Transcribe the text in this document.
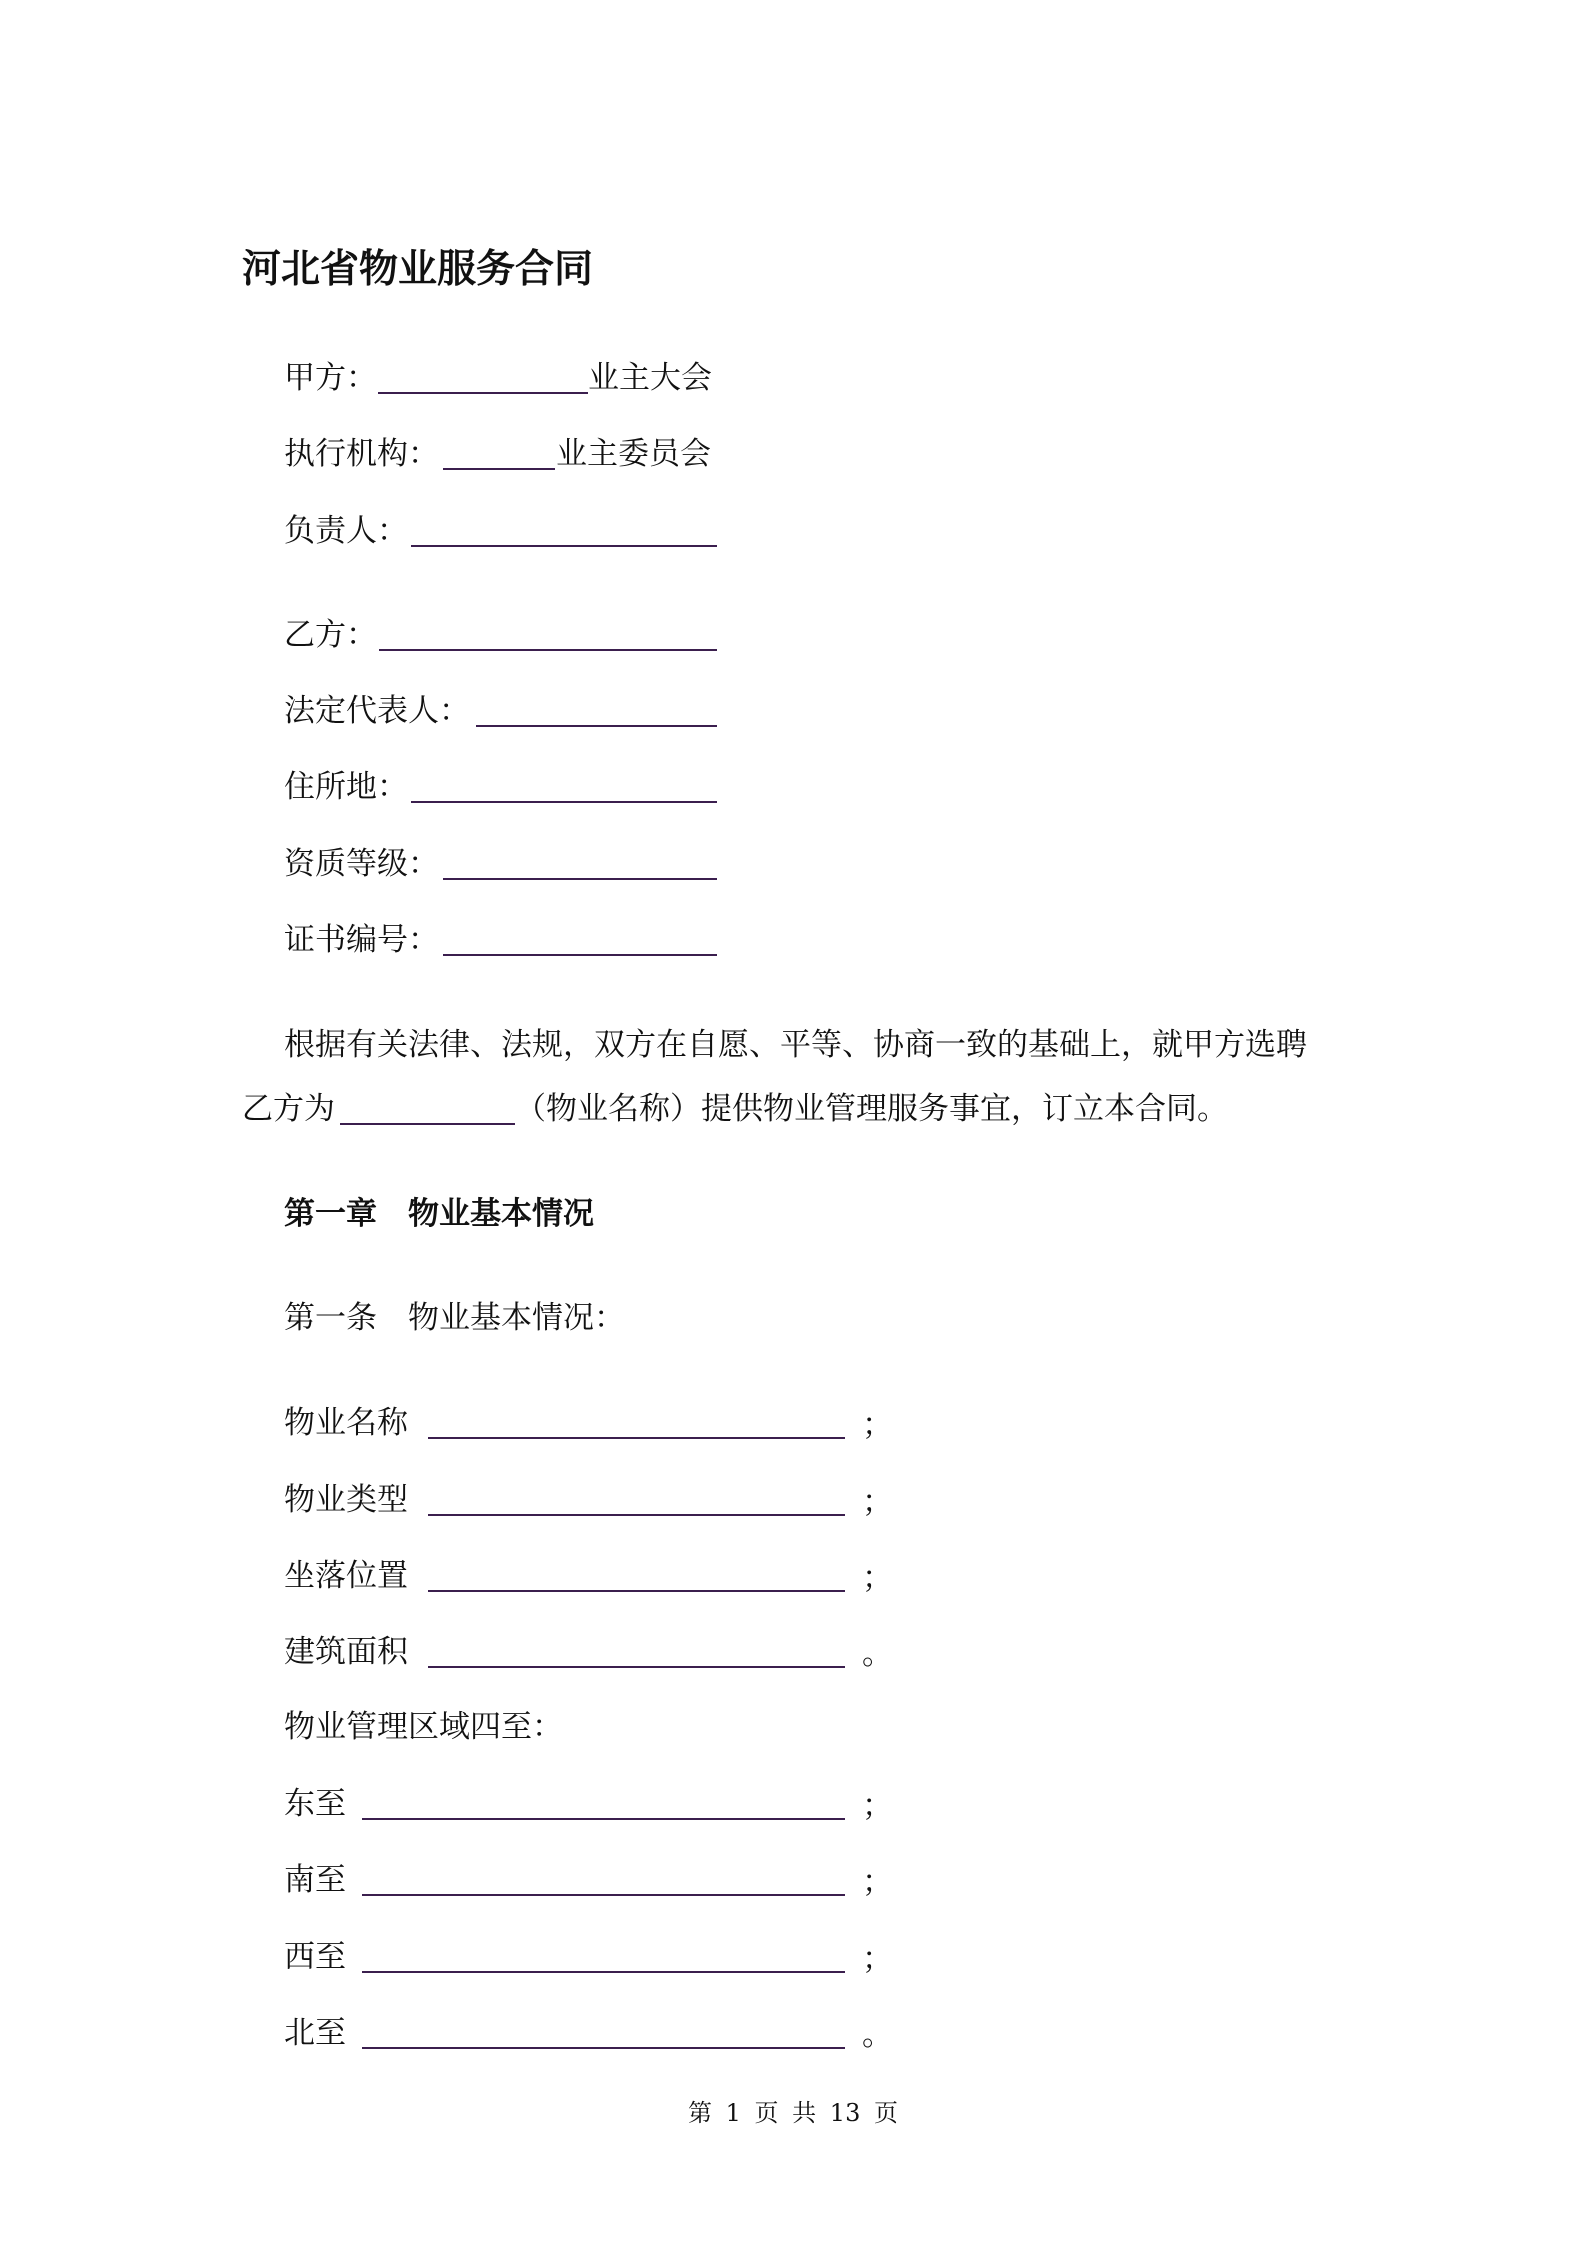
河北省物业服务合同
甲方：	业主大会
执行机构：	业主委员会
负责人：
乙方：
法定代表人：
住所地：
资质等级：
证书编号：
根据有关法律、法规，双方在自愿、平等、协商一致的基础上，就甲方选聘
乙方为	（物业名称）提供物业管理服务事宜，订立本合同。
第一章　物业基本情况
第一条　物业基本情况：
物业名称	；
物业类型	；
坐落位置	；
建筑面积	。
物业管理区域四至：
东至	；
南至	；
西至	；
北至	。
第 1 页 共 13 页
